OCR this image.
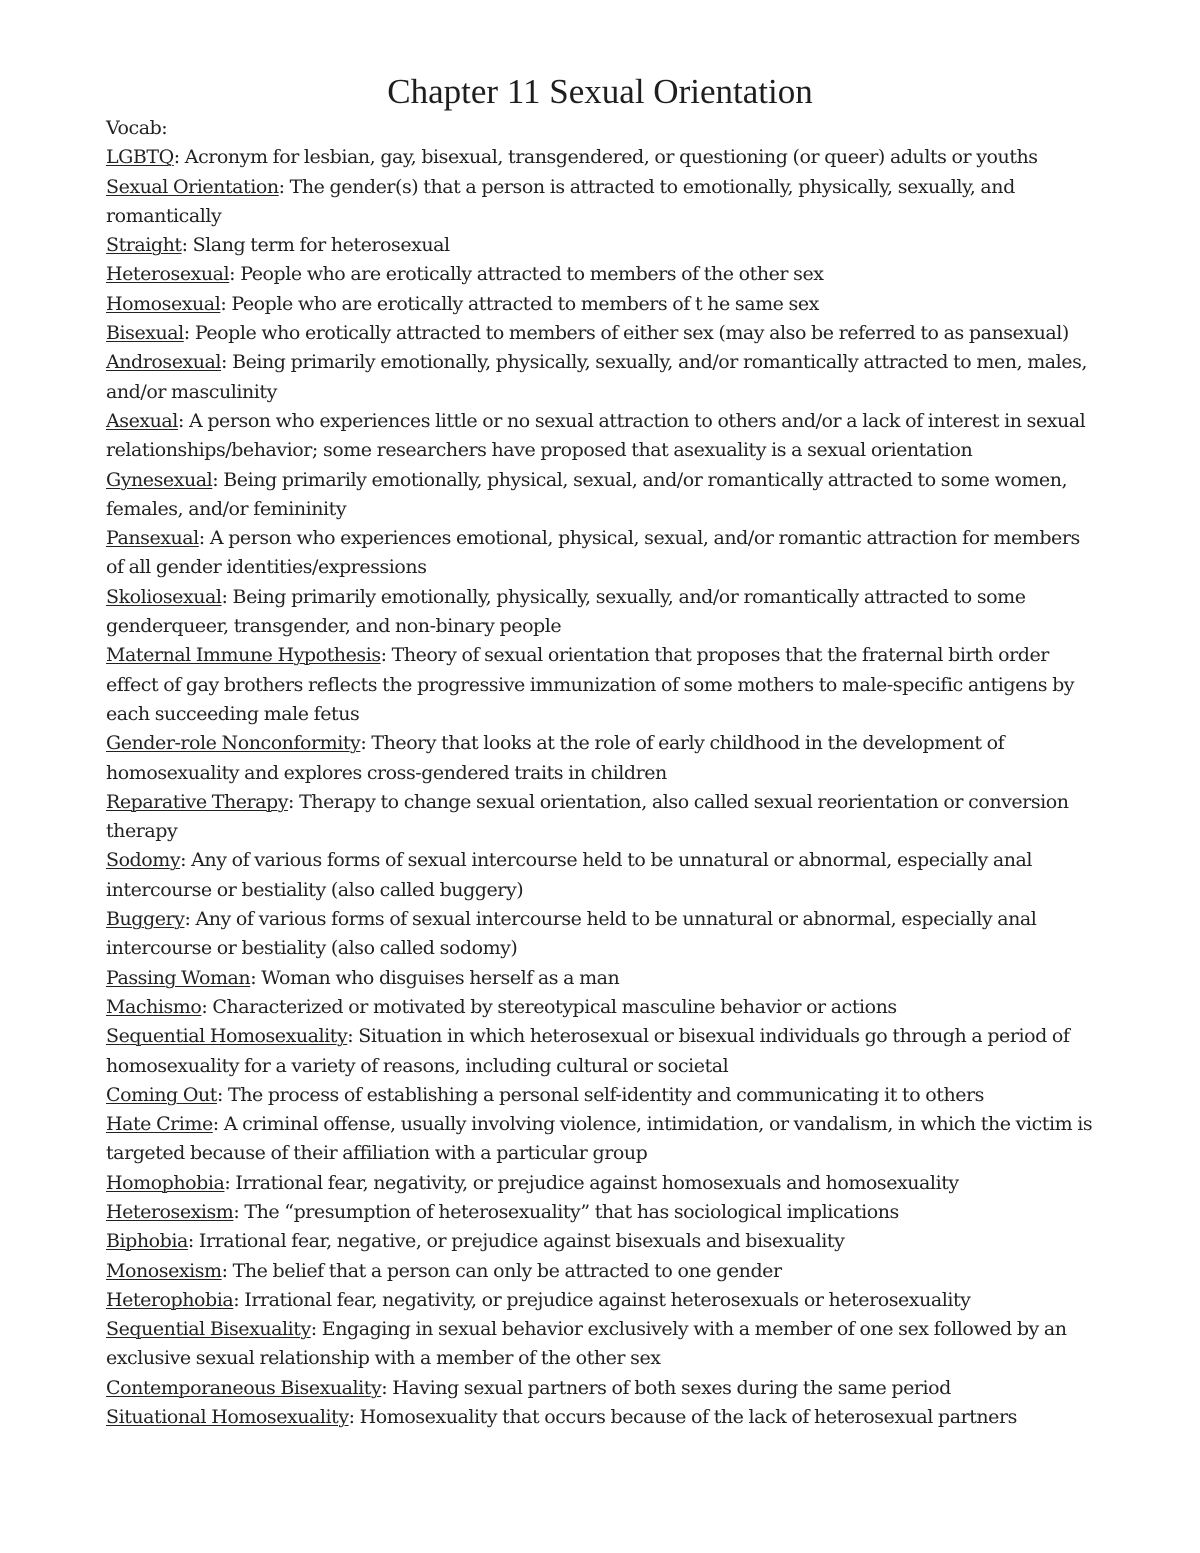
Chapter 11 Sexual Orientation
Vocab:
LGBTQ: Acronym for lesbian, gay, bisexual, transgendered, or questioning (or queer) adults or youths
Sexual Orientation: The gender(s) that a person is attracted to emotionally, physically, sexually, and romantically
Straight: Slang term for heterosexual
Heterosexual: People who are erotically attracted to members of the other sex
Homosexual: People who are erotically attracted to members of t he same sex
Bisexual: People who erotically attracted to members of either sex (may also be referred to as pansexual)
Androsexual: Being primarily emotionally, physically, sexually, and/or romantically attracted to men, males, and/or masculinity
Asexual: A person who experiences little or no sexual attraction to others and/or a lack of interest in sexual relationships/behavior; some researchers have proposed that asexuality is a sexual orientation
Gynesexual: Being primarily emotionally, physical, sexual, and/or romantically attracted to some women, females, and/or femininity
Pansexual: A person who experiences emotional, physical, sexual, and/or romantic attraction for members of all gender identities/expressions
Skoliosexual: Being primarily emotionally, physically, sexually, and/or romantically attracted to some genderqueer, transgender, and non-binary people
Maternal Immune Hypothesis: Theory of sexual orientation that proposes that the fraternal birth order effect of gay brothers reflects the progressive immunization of some mothers to male-specific antigens by each succeeding male fetus
Gender-role Nonconformity: Theory that looks at the role of early childhood in the development of homosexuality and explores cross-gendered traits in children
Reparative Therapy: Therapy to change sexual orientation, also called sexual reorientation or conversion therapy
Sodomy: Any of various forms of sexual intercourse held to be unnatural or abnormal, especially anal intercourse or bestiality (also called buggery)
Buggery: Any of various forms of sexual intercourse held to be unnatural or abnormal, especially anal intercourse or bestiality (also called sodomy)
Passing Woman: Woman who disguises herself as a man
Machismo: Characterized or motivated by stereotypical masculine behavior or actions
Sequential Homosexuality: Situation in which heterosexual or bisexual individuals go through a period of homosexuality for a variety of reasons, including cultural or societal
Coming Out: The process of establishing a personal self-identity and communicating it to others
Hate Crime: A criminal offense, usually involving violence, intimidation, or vandalism, in which the victim is targeted because of their affiliation with a particular group
Homophobia: Irrational fear, negativity, or prejudice against homosexuals and homosexuality
Heterosexism: The “presumption of heterosexuality” that has sociological implications
Biphobia: Irrational fear, negative, or prejudice against bisexuals and bisexuality
Monosexism: The belief that a person can only be attracted to one gender
Heterophobia: Irrational fear, negativity, or prejudice against heterosexuals or heterosexuality
Sequential Bisexuality: Engaging in sexual behavior exclusively with a member of one sex followed by an exclusive sexual relationship with a member of the other sex
Contemporaneous Bisexuality: Having sexual partners of both sexes during the same period
Situational Homosexuality: Homosexuality that occurs because of the lack of heterosexual partners
